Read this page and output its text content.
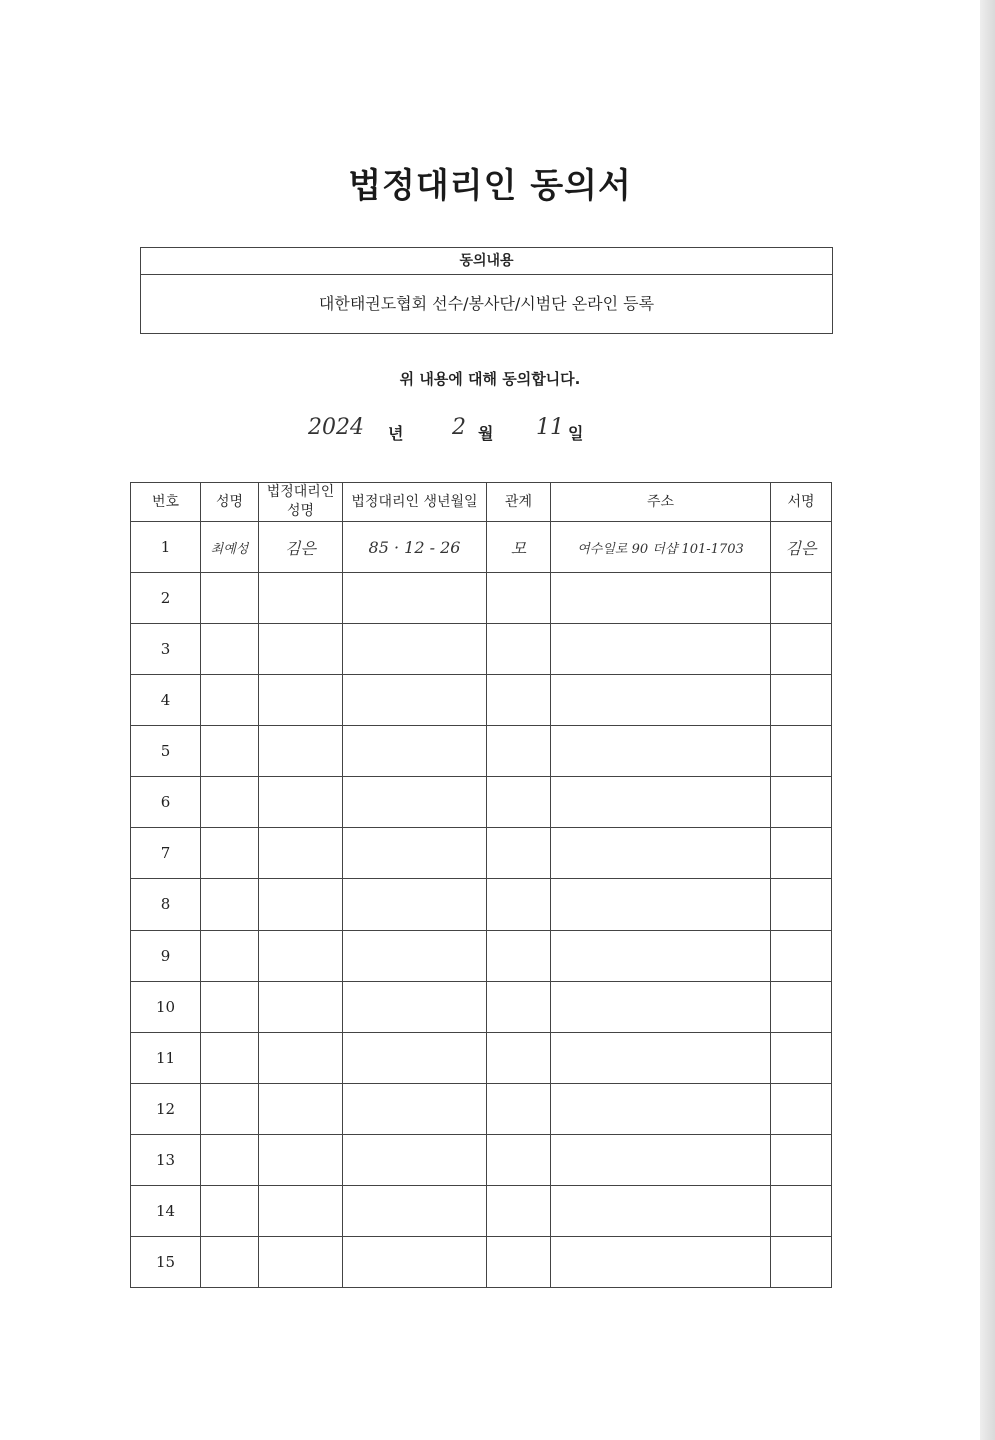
법정대리인 동의서
동의내용
대한태권도협회 선수/봉사단/시범단 온라인 등록
위 내용에 대해 동의합니다.
2024 년 2 월 11 일
번호	성명	법정대리인 성명	법정대리인 생년월일	관계	주소	서명
1	최예성	김은	85 · 12 - 26	모	여수일로 90 더샵 101-1703	김은
2						
3						
4						
5						
6						
7						
8						
9						
10						
11						
12						
13						
14						
15						
